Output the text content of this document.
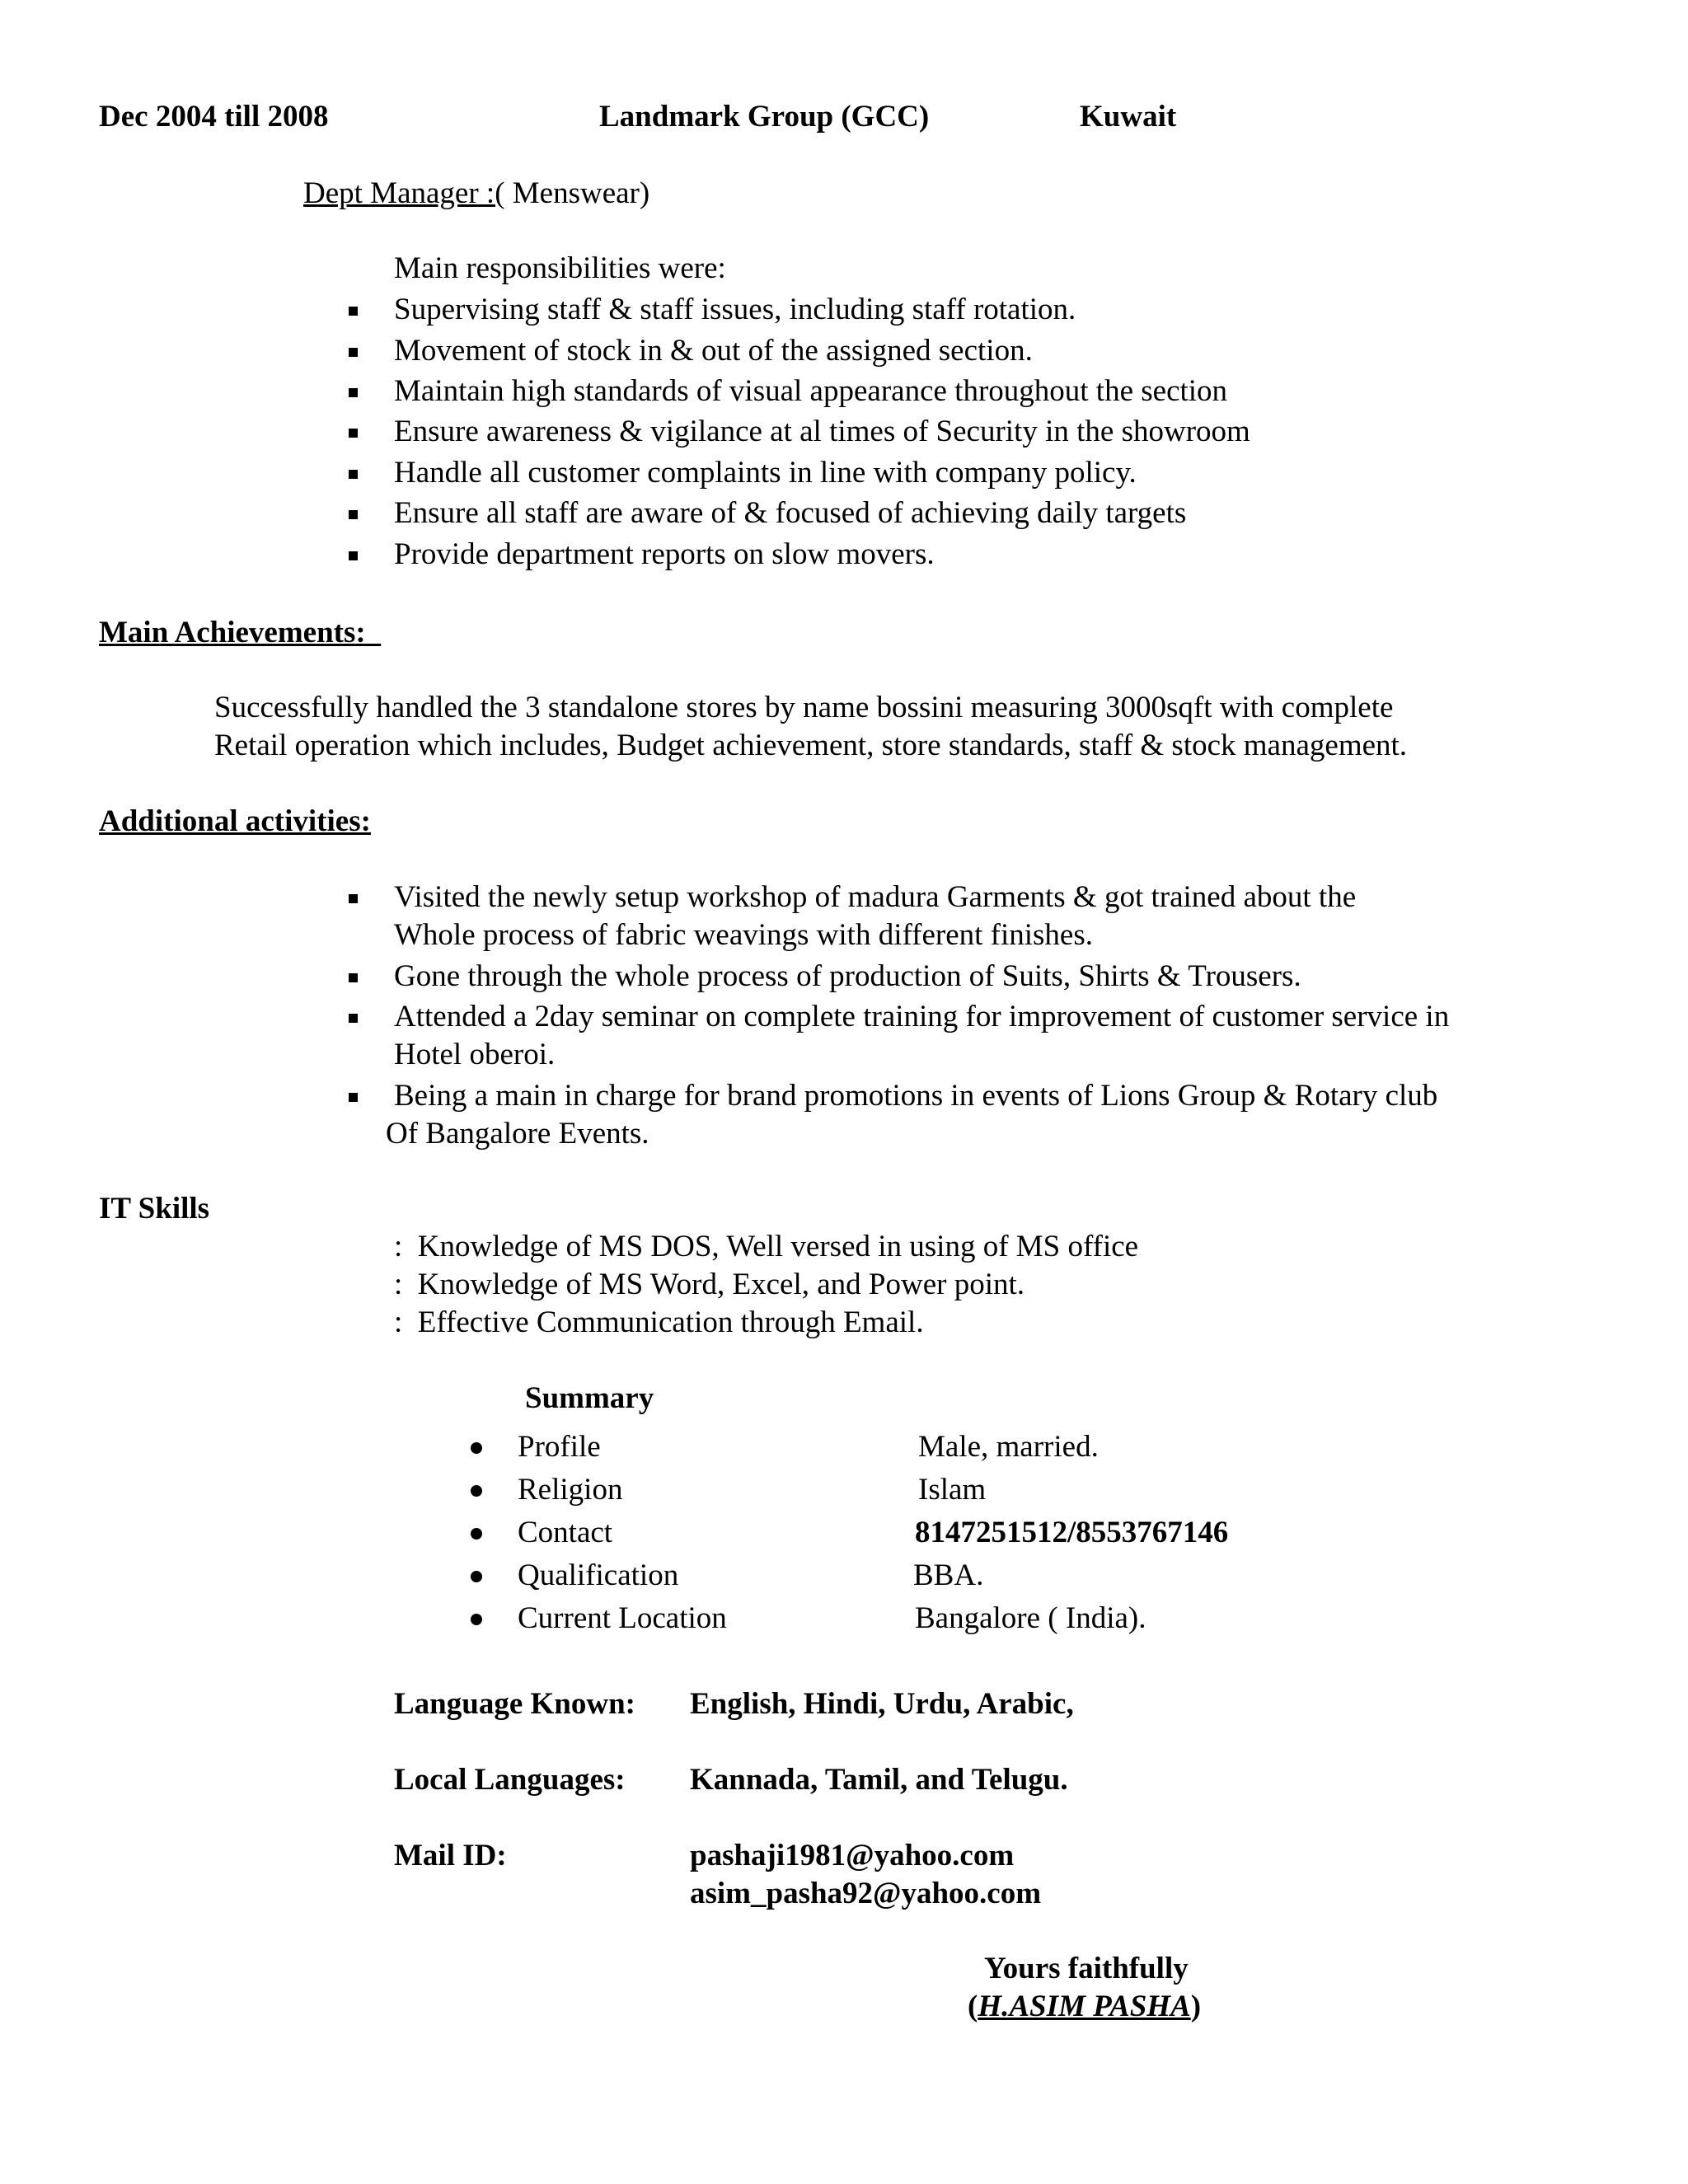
Dec 2004 till 2008	Landmark Group (GCC)	Kuwait
Dept Manager :( Menswear)
Main responsibilities were:
Supervising staff & staff issues, including staff rotation.
Movement of stock in & out of the assigned section.
Maintain high standards of visual appearance throughout the section
Ensure awareness & vigilance at al times of Security in the showroom
Handle all customer complaints in line with company policy.
Ensure all staff are aware of & focused of achieving daily targets
Provide department reports on slow movers.
Main Achievements:
Successfully handled the 3 standalone stores by name bossini measuring 3000sqft with complete
Retail operation which includes, Budget achievement, store standards, staff & stock management.
Additional activities:
Visited the newly setup workshop of madura Garments & got trained about the
Whole process of fabric weavings with different finishes.
Gone through the whole process of production of Suits, Shirts & Trousers.
Attended a 2day seminar on complete training for improvement of customer service in
Hotel oberoi.
Being a main in charge for brand promotions in events of Lions Group & Rotary club
Of Bangalore Events.
IT Skills
:  Knowledge of MS DOS, Well versed in using of MS office
:  Knowledge of MS Word, Excel, and Power point.
:  Effective Communication through Email.
Summary
Profile	Male, married.
Religion	Islam
Contact	8147251512/8553767146
Qualification	BBA.
Current Location	Bangalore ( India).
Language Known: English, Hindi, Urdu, Arabic,
Local Languages: Kannada, Tamil, and Telugu.
Mail ID:	pashaji1981@yahoo.com
asim_pasha92@yahoo.com
Yours faithfully
(H.ASIM PASHA)
